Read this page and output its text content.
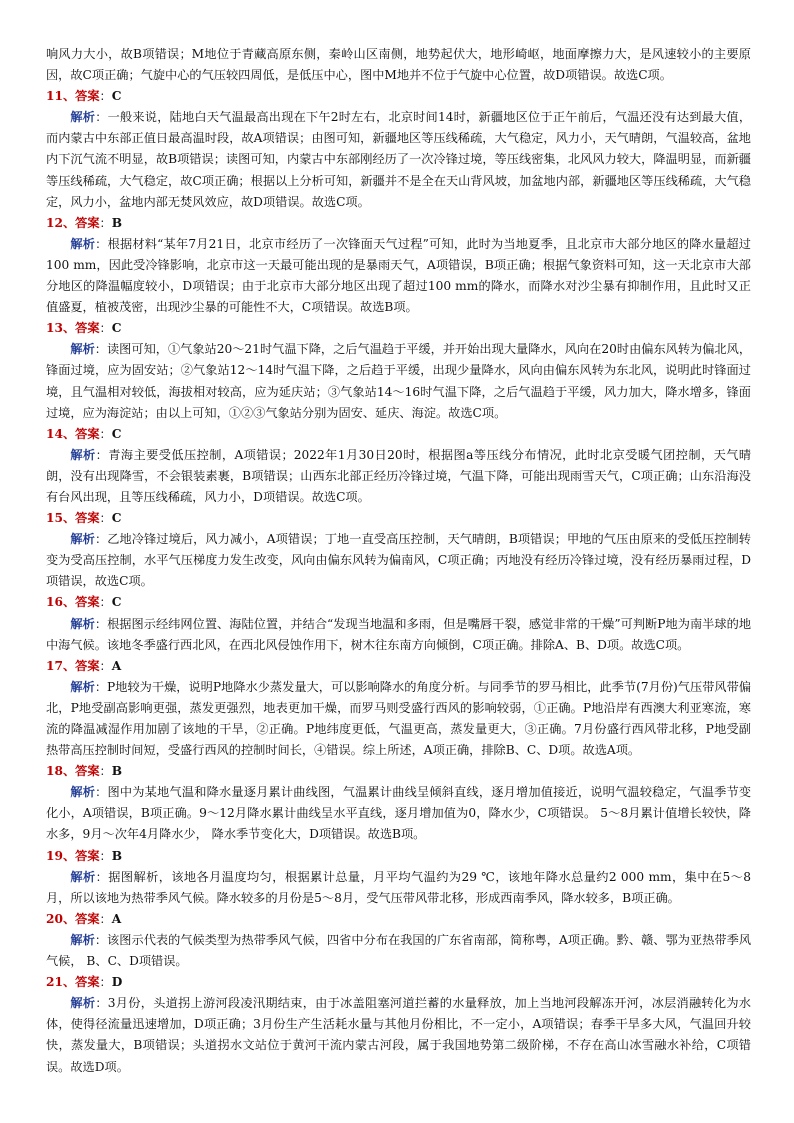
响风力大小，故B项错误；M地位于青藏高原东侧，秦岭山区南侧，地势起伏大，地形崎岖，地面摩擦力大，是风速较小的主要原因，故C项正确；气旋中心的气压较四周低，是低压中心，图中M地并不位于气旋中心位置，故D项错误。故选C项。

11、答案：C

解析：一般来说，陆地白天气温最高出现在下午2时左右，北京时间14时，新疆地区位于正午前后，气温还没有达到最大值，而内蒙古中东部正值日最高温时段，故A项错误；由图可知，新疆地区等压线稀疏，大气稳定，风力小，天气晴朗，气温较高，盆地内下沉气流不明显，故B项错误；读图可知，内蒙古中东部刚经历了一次冷锋过境，等压线密集，北风风力较大，降温明显，而新疆等压线稀疏，大气稳定，故C项正确；根据以上分析可知，新疆并不是全在天山背风坡，加盆地内部，新疆地区等压线稀疏，大气稳定，风力小，盆地内部无焚风效应，故D项错误。故选C项。

12、答案：B

解析：根据材料“某年7月21日，北京市经历了一次锋面天气过程”可知，此时为当地夏季，且北京市大部分地区的降水量超过100 mm，因此受冷锋影响，北京市这一天最可能出现的是暴雨天气，A项错误，B项正确；根据气象资料可知，这一天北京市大部分地区的降温幅度较小，D项错误；由于北京市大部分地区出现了超过100 mm的降水，而降水对沙尘暴有抑制作用，且此时又正值盛夏，植被茂密，出现沙尘暴的可能性不大，C项错误。故选B项。

13、答案：C

解析：读图可知，①气象站20～21时气温下降，之后气温趋于平缓，并开始出现大量降水，风向在20时由偏东风转为偏北风，锋面过境，应为固安站；②气象站12～14时气温下降，之后趋于平缓，出现少量降水，风向由偏东风转为东北风，说明此时锋面过境，且气温相对较低，海拔相对较高，应为延庆站；③气象站14～16时气温下降，之后气温趋于平缓，风力加大，降水增多，锋面过境，应为海淀站；由以上可知，①②③气象站分别为固安、延庆、海淀。故选C项。

14、答案：C

解析：青海主要受低压控制，A项错误；2022年1月30日20时，根据图a等压线分布情况，此时北京受暖气团控制，天气晴朗，没有出现降雪，不会银装素裹，B项错误；山西东北部正经历冷锋过境，气温下降，可能出现雨雪天气，C项正确；山东沿海没有台风出现，且等压线稀疏，风力小，D项错误。故选C项。

15、答案：C

解析：乙地冷锋过境后，风力减小，A项错误；丁地一直受高压控制，天气晴朗，B项错误；甲地的气压由原来的受低压控制转变为受高压控制，水平气压梯度力发生改变，风向由偏东风转为偏南风，C项正确；丙地没有经历冷锋过境，没有经历暴雨过程，D项错误，故选C项。

16、答案：C

解析：根据图示经纬网位置、海陆位置，并结合“发现当地温和多雨，但是嘴唇干裂，感觉非常的干燥”可判断P地为南半球的地中海气候。该地冬季盛行西北风，在西北风侵蚀作用下，树木往东南方向倾倒，C项正确。排除A、B、D项。故选C项。

17、答案：A

解析：P地较为干燥，说明P地降水少蒸发量大，可以影响降水的角度分析。与同季节的罗马相比，此季节(7月份)气压带风带偏北，P地受副高影响更强，蒸发更强烈，地表更加干燥，而罗马则受盛行西风的影响较弱，①正确。P地沿岸有西澳大利亚寒流，寒流的降温减湿作用加剧了该地的干旱，②正确。P地纬度更低，气温更高，蒸发量更大，③正确。7月份盛行西风带北移，P地受副热带高压控制时间短，受盛行西风的控制时间长，④错误。综上所述，A项正确，排除B、C、D项。故选A项。

18、答案：B

解析：图中为某地气温和降水量逐月累计曲线图，气温累计曲线呈倾斜直线，逐月增加值接近，说明气温较稳定，气温季节变化小，A项错误，B项正确。9～12月降水累计曲线呈水平直线，逐月增加值为0，降水少，C项错误。 5～8月累计值增长较快，降水多，9月～次年4月降水少， 降水季节变化大，D项错误。故选B项。

19、答案：B

解析：据图解析，该地各月温度均匀，根据累计总量，月平均气温约为29 ℃，该地年降水总量约2 000 mm，集中在5～8月，所以该地为热带季风气候。降水较多的月份是5～8月，受气压带风带北移，形成西南季风，降水较多，B项正确。

20、答案：A

解析：该图示代表的气候类型为热带季风气候，四省中分布在我国的广东省南部，简称粤，A项正确。黔、赣、鄂为亚热带季风气候， B、C、D项错误。

21、答案：D

解析：3月份，头道拐上游河段凌汛期结束，由于冰盖阻塞河道拦蓄的水量释放，加上当地河段解冻开河，冰层消融转化为水体，使得径流量迅速增加，D项正确；3月份生产生活耗水量与其他月份相比，不一定小，A项错误；春季干旱多大风，气温回升较快，蒸发量大，B项错误；头道拐水文站位于黄河干流内蒙古河段，属于我国地势第二级阶梯，不存在高山冰雪融水补给，C项错误。故选D项。
